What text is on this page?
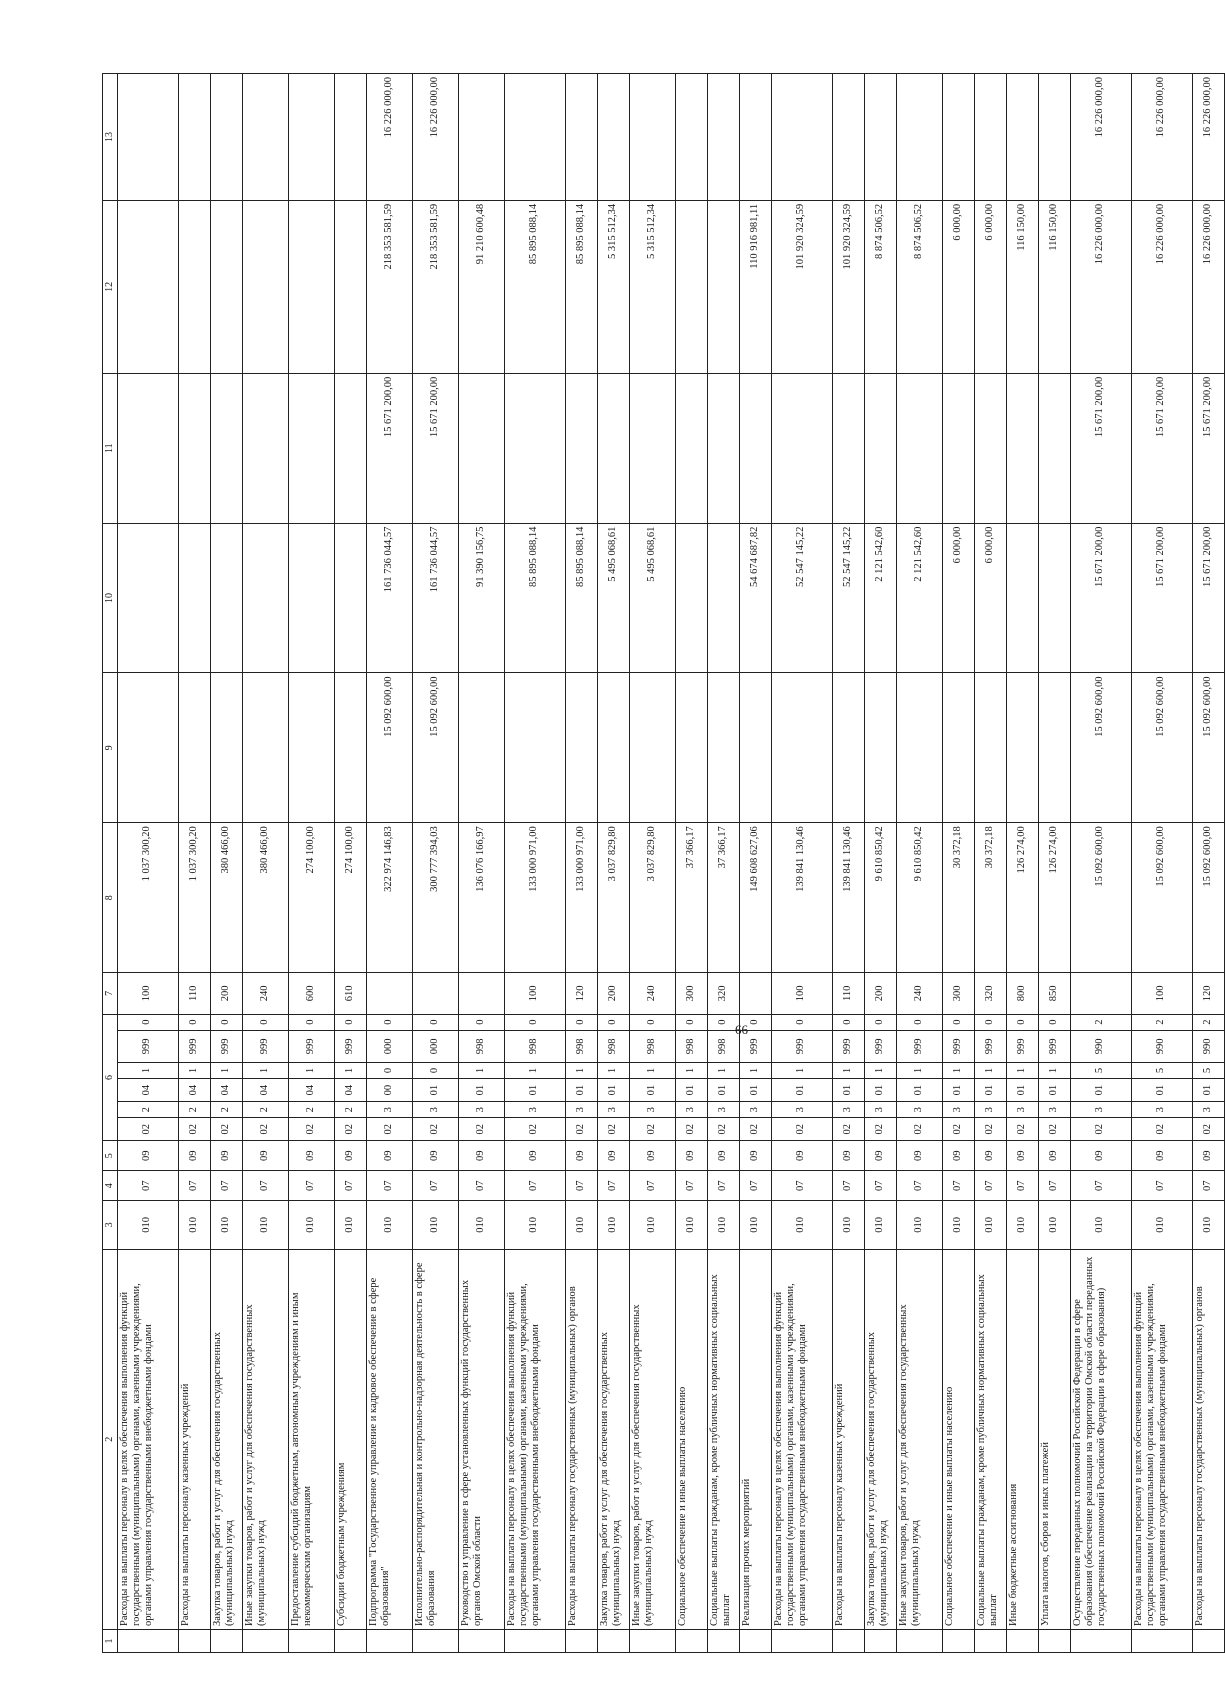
66
1	2	3	4	5	6						7	8	9	10	11	12	13
	Расходы на выплаты персоналу в целях обеспечения выполнения функций государственными (муниципальными) органами, казенными учреждениями, органами управления государственными внебюджетными фондами	010	07	09	02	2	04	1	999	0	100	1 037 300,20					
	Расходы на выплаты персоналу казенных учреждений	010	07	09	02	2	04	1	999	0	110	1 037 300,20					
	Закупка товаров, работ и услуг для обеспечения государственных (муниципальных) нужд	010	07	09	02	2	04	1	999	0	200	380 466,00					
	Иные закупки товаров, работ и услуг для обеспечения государственных (муниципальных) нужд	010	07	09	02	2	04	1	999	0	240	380 466,00					
	Предоставление субсидий бюджетным, автономным учреждениям и иным некоммерческим организациям	010	07	09	02	2	04	1	999	0	600	274 100,00					
	Субсидии бюджетным учреждениям	010	07	09	02	2	04	1	999	0	610	274 100,00					
	Подпрограмма "Государственное управление и кадровое обеспечение в сфере образования"	010	07	09	02	3	00	0	000	0		322 974 146,83	15 092 600,00	161 736 044,57	15 671 200,00	218 353 581,59	16 226 000,00
	Исполнительно-распорядительная и контрольно-надзорная деятельность в сфере образования	010	07	09	02	3	01	0	000	0		300 777 394,03	15 092 600,00	161 736 044,57	15 671 200,00	218 353 581,59	16 226 000,00
	Руководство и управление в сфере установленных функций государственных органов Омской области	010	07	09	02	3	01	1	998	0		136 076 166,97		91 390 156,75		91 210 600,48	
	Расходы на выплаты персоналу в целях обеспечения выполнения функций государственными (муниципальными) органами, казенными учреждениями, органами управления государственными внебюджетными фондами	010	07	09	02	3	01	1	998	0	100	133 000 971,00		85 895 088,14		85 895 088,14	
	Расходы на выплаты персоналу государственных (муниципальных) органов	010	07	09	02	3	01	1	998	0	120	133 000 971,00		85 895 088,14		85 895 088,14	
	Закупка товаров, работ и услуг для обеспечения государственных (муниципальных) нужд	010	07	09	02	3	01	1	998	0	200	3 037 829,80		5 495 068,61		5 315 512,34	
	Иные закупки товаров, работ и услуг для обеспечения государственных (муниципальных) нужд	010	07	09	02	3	01	1	998	0	240	3 037 829,80		5 495 068,61		5 315 512,34	
	Социальное обеспечение и иные выплаты населению	010	07	09	02	3	01	1	998	0	300	37 366,17					
	Социальные выплаты гражданам, кроме публичных нормативных социальных выплат	010	07	09	02	3	01	1	998	0	320	37 366,17					
	Реализация прочих мероприятий	010	07	09	02	3	01	1	999	0		149 608 627,06		54 674 687,82		110 916 981,11	
	Расходы на выплаты персоналу в целях обеспечения выполнения функций государственными (муниципальными) органами, казенными учреждениями, органами управления государственными внебюджетными фондами	010	07	09	02	3	01	1	999	0	100	139 841 130,46		52 547 145,22		101 920 324,59	
	Расходы на выплаты персоналу казенных учреждений	010	07	09	02	3	01	1	999	0	110	139 841 130,46		52 547 145,22		101 920 324,59	
	Закупка товаров, работ и услуг для обеспечения государственных (муниципальных) нужд	010	07	09	02	3	01	1	999	0	200	9 610 850,42		2 121 542,60		8 874 506,52	
	Иные закупки товаров, работ и услуг для обеспечения государственных (муниципальных) нужд	010	07	09	02	3	01	1	999	0	240	9 610 850,42		2 121 542,60		8 874 506,52	
	Социальное обеспечение и иные выплаты населению	010	07	09	02	3	01	1	999	0	300	30 372,18		6 000,00		6 000,00	
	Социальные выплаты гражданам, кроме публичных нормативных социальных выплат	010	07	09	02	3	01	1	999	0	320	30 372,18		6 000,00		6 000,00	
	Иные бюджетные ассигнования	010	07	09	02	3	01	1	999	0	800	126 274,00				116 150,00	
	Уплата налогов, сборов и иных платежей	010	07	09	02	3	01	1	999	0	850	126 274,00				116 150,00	
	Осуществление переданных полномочий Российской Федерации в сфере образования (обеспечение реализации на территории Омской области переданных государственных полномочий Российской Федерации в сфере образования)	010	07	09	02	3	01	5	990	2		15 092 600,00	15 092 600,00	15 671 200,00	15 671 200,00	16 226 000,00	16 226 000,00
	Расходы на выплаты персоналу в целях обеспечения выполнения функций государственными (муниципальными) органами, казенными учреждениями, органами управления государственными внебюджетными фондами	010	07	09	02	3	01	5	990	2	100	15 092 600,00	15 092 600,00	15 671 200,00	15 671 200,00	16 226 000,00	16 226 000,00
	Расходы на выплаты персоналу государственных (муниципальных) органов	010	07	09	02	3	01	5	990	2	120	15 092 600,00	15 092 600,00	15 671 200,00	15 671 200,00	16 226 000,00	16 226 000,00
